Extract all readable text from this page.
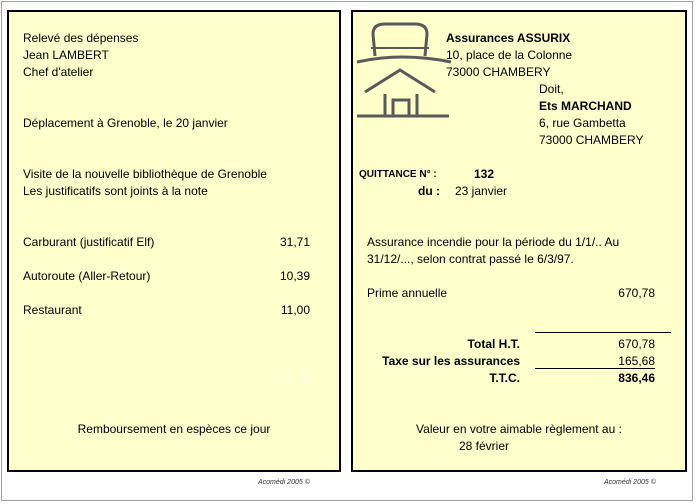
Relevé des dépenses
Jean LAMBERT
Chef d'atelier
Déplacement à Grenoble, le 20 janvier
Visite de la nouvelle bibliothèque de Grenoble
Les justificatifs sont joints à la note
Carburant (justificatif Elf)	31,71
Autoroute (Aller-Retour)	10,39
Restaurant	11,00
53,10
Remboursement en espèces ce jour
Assurances ASSURIX
10, place de la Colonne
73000 CHAMBERY
Doit,
Ets MARCHAND
6, rue Gambetta
73000 CHAMBERY
QUITTANCE N° :	132
du : 23 janvier
Assurance incendie pour la période du 1/1/.. Au
31/12/..., selon contrat passé le 6/3/97.
Prime annuelle	670,78
Total H.T.	670,78
Taxe sur les assurances	165,68
T.T.C.	836,46
Valeur en votre aimable règlement au :
28 février
Acomédi 2005 ©	Acomédi 2005 ©
